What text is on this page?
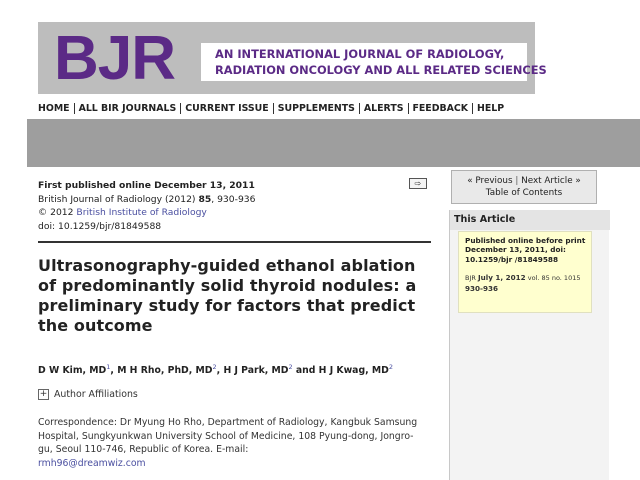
BJR	AN INTERNATIONAL JOURNAL OF RADIOLOGY,
RADIATION ONCOLOGY AND ALL RELATED SCIENCES
HOME ALL BIR JOURNALS CURRENT ISSUE SUPPLEMENTS ALERTS FEEDBACK HELP
First published online December 13, 2011
British Journal of Radiology (2012) 85, 930-936
© 2012 British Institute of Radiology
doi: 10.1259/bjr/81849588
⇨
Ultrasonography-guided ethanol ablation of predominantly solid thyroid nodules: a preliminary study for factors that predict the outcome
D W Kim, $MD^1$, M H Rho, PhD, $MD^2$, H J Park, $MD^2$ and H J Kwag, $MD^2$
+ Author Affiliations
Correspondence: Dr Myung Ho Rho, Department of Radiology, Kangbuk Samsung Hospital, Sungkyunkwan University School of Medicine, 108 Pyung-dong, Jongro-gu, Seoul 110-746, Republic of Korea. E-mail:
rmh96@dreamwiz.com
« Previous | Next Article »
Table of Contents
This Article
Published online before print December 13, 2011, doi: 10.1259/bjr /81849588
BJR July 1, 2012 vol. 85 no. 1015 930-936
